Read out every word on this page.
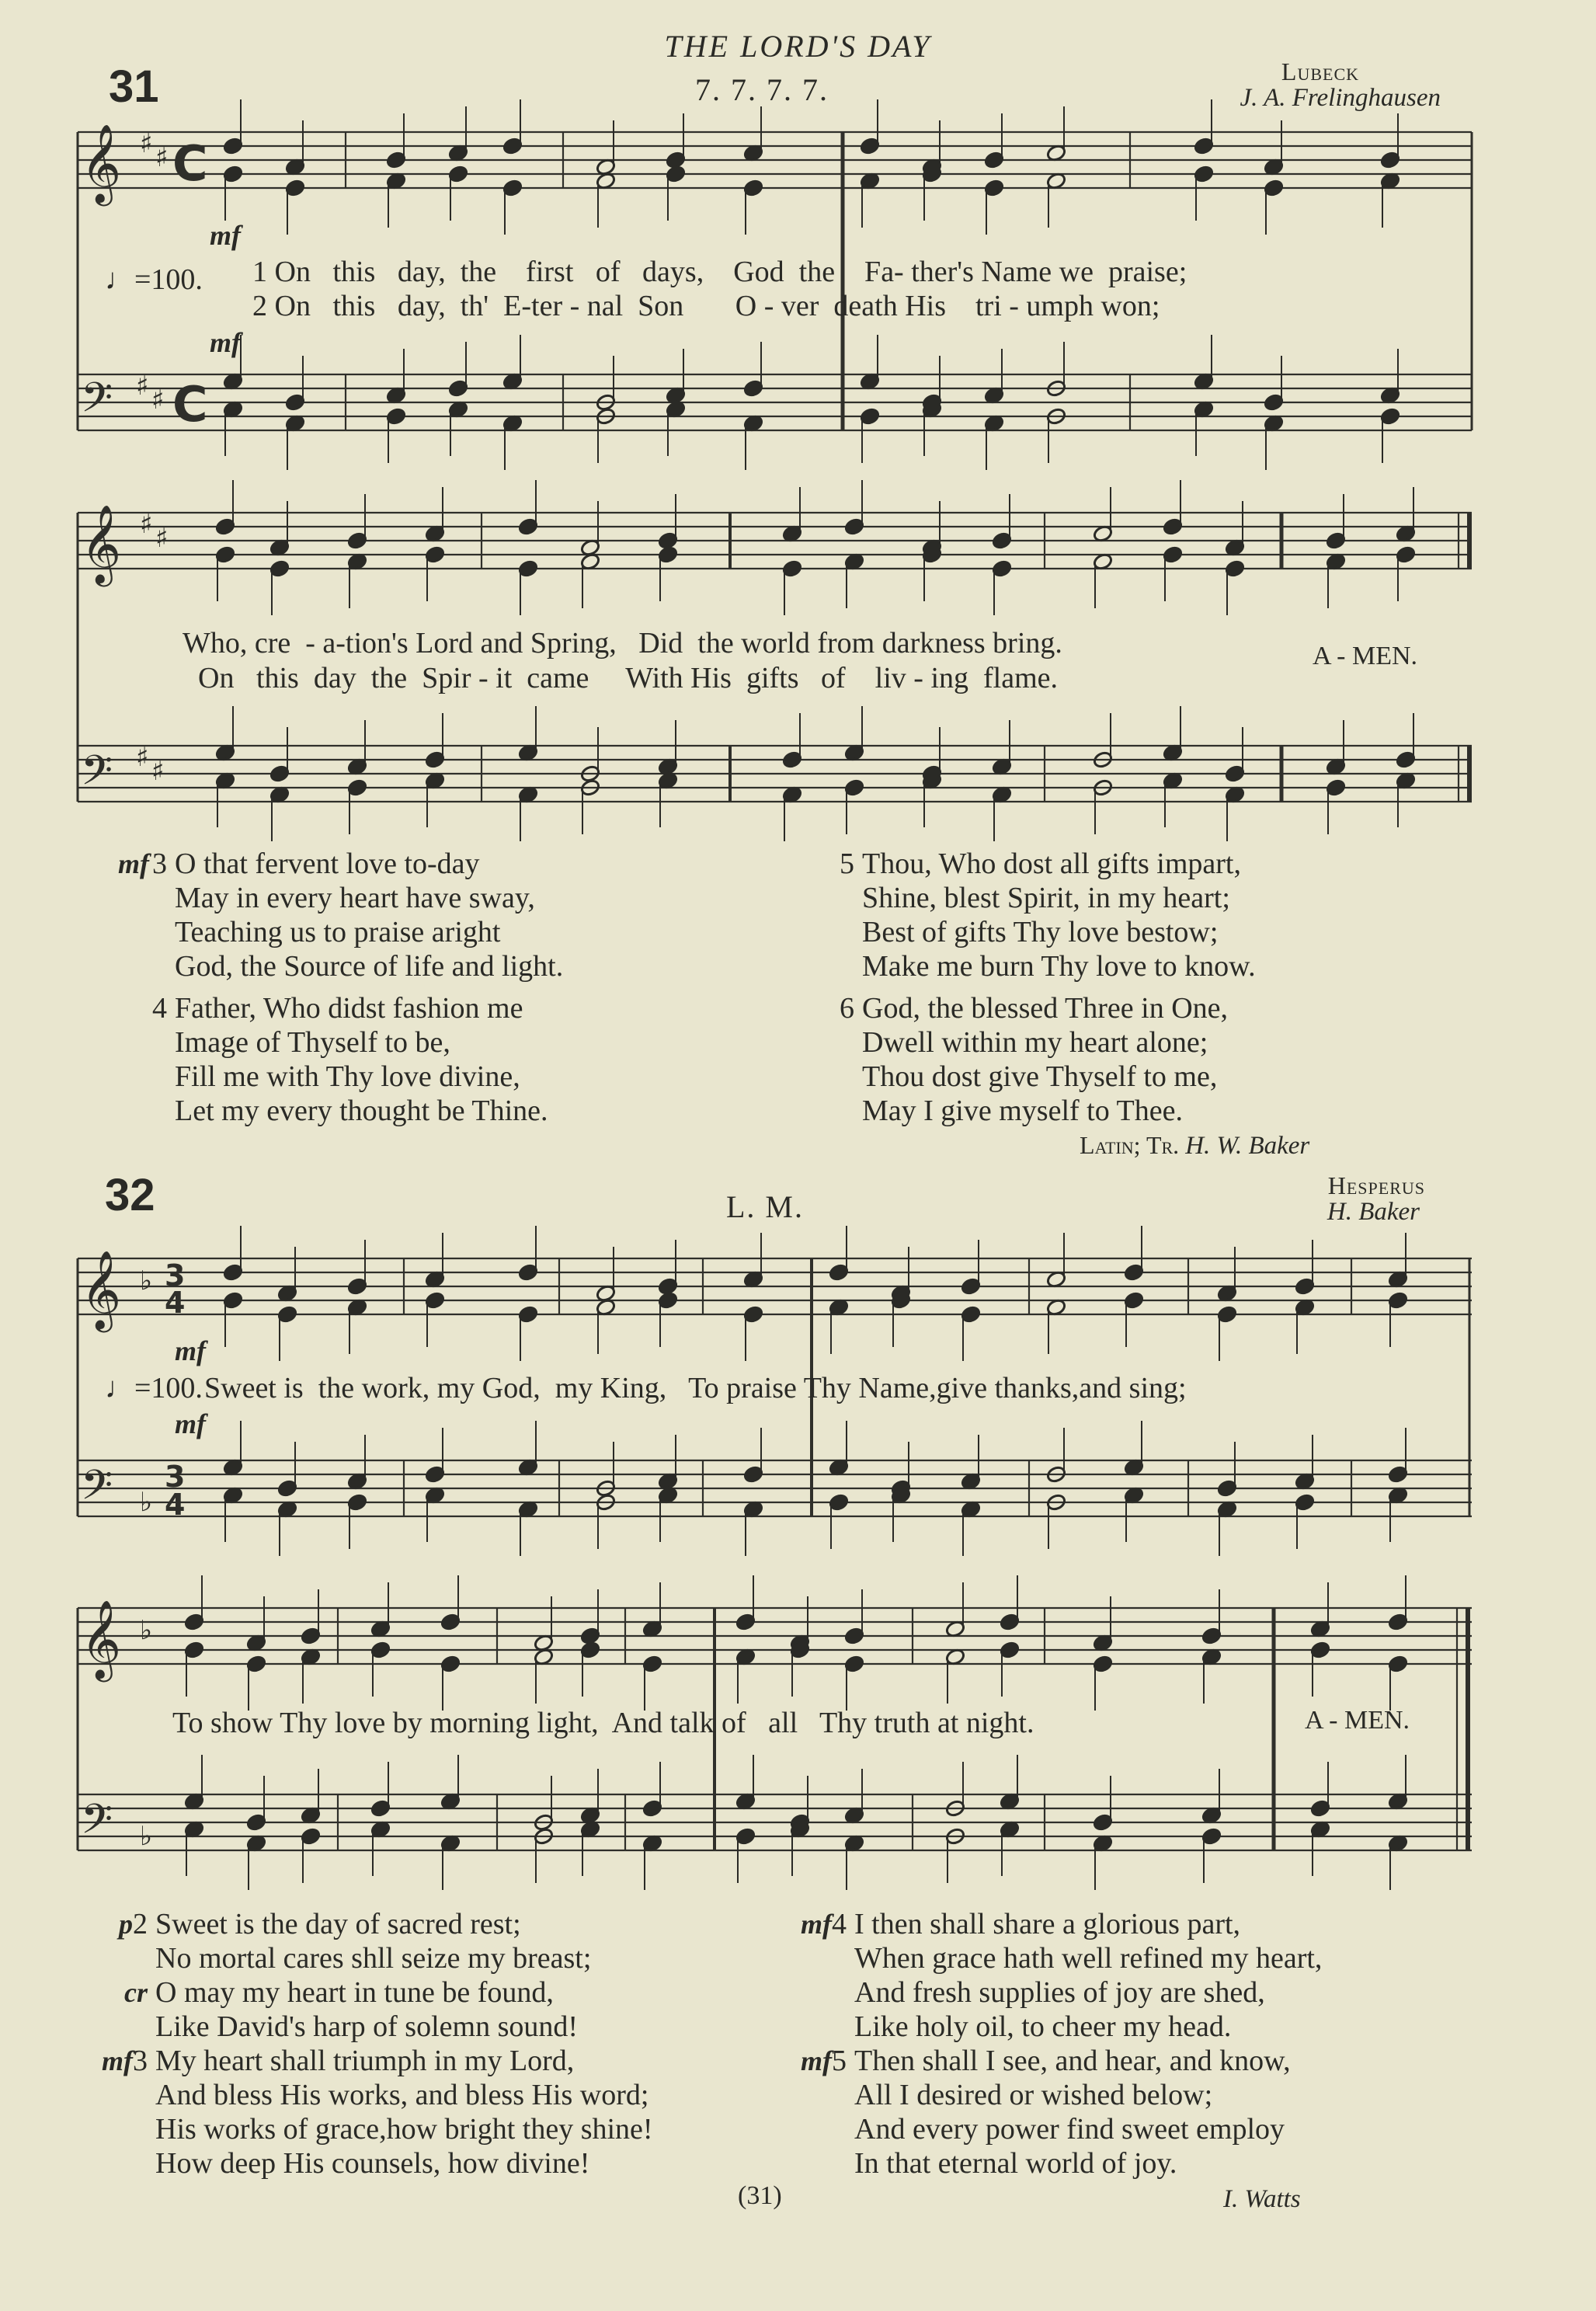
THE LORD'S DAY
31	7. 7. 7. 7.
Lubeck
J. A. Frelinghausen
𝄞
𝄢
𝄞
𝄢
𝄞
𝄢
𝄞
𝄢
♯ ♯
♯ ♯
♯ ♯
♯ ♯
♭
♭
♭
♭
C
C
3
4
3
4
mf
♩=100. 1 On   this   day,  the    first   of   days,    God  the    Fa- ther's Name we  praise;
2 On   this   day,  th'  E-ter - nal  Son       O - ver  death His    tri - umph won;
mf
Who, cre  - a-tion's Lord and Spring,   Did  the world from darkness bring.
On   this  day  the  Spir - it  came     With His  gifts   of    liv - ing  flame.
A - MEN.
mf 3 O that fervent love to-day
May in every heart have sway,
Teaching us to praise aright
God, the Source of life and light.
4 Father, Who didst fashion me
Image of Thyself to be,
Fill me with Thy love divine,
Let my every thought be Thine.
5 Thou, Who dost all gifts impart,
Shine, blest Spirit, in my heart;
Best of gifts Thy love bestow;
Make me burn Thy love to know.
6 God, the blessed Three in One,
Dwell within my heart alone;
Thou dost give Thyself to me,
May I give myself to Thee.
Latin; Tr. H. W. Baker
32	L. M.
Hesperus
H. Baker
mf
♩=100. Sweet is  the work, my God,  my King,   To praise Thy Name,give thanks,and sing;
mf
To show Thy love by morning light,  And talk of   all   Thy truth at night.	A - MEN.
p2

cr
Sweet is the day of sacred rest;
No mortal cares shll seize my breast;
O may my heart in tune be found,
Like David's harp of solemn sound!
mf3 My heart shall triumph in my Lord,
And bless His works, and bless His word;
His works of grace,how bright they shine!
How deep His counsels, how divine!
mf4 I then shall share a glorious part,
When grace hath well refined my heart,
And fresh supplies of joy are shed,
Like holy oil, to cheer my head.
mf5 Then shall I see, and hear, and know,
All I desired or wished below;
And every power find sweet employ
In that eternal world of joy.
(31)	I. Watts
